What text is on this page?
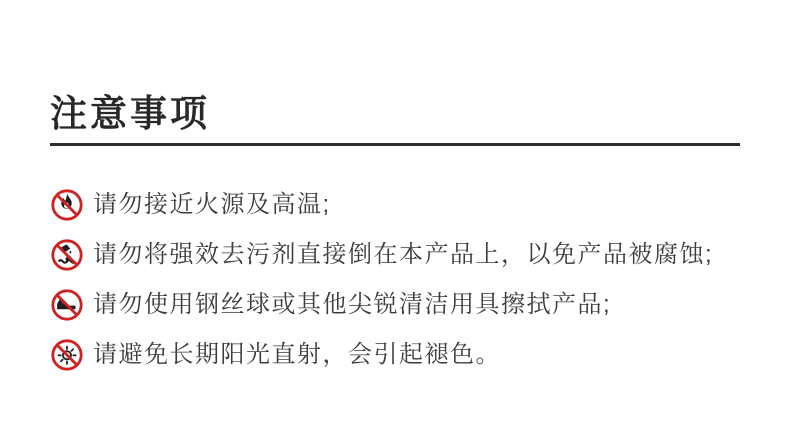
注意事项
请勿接近火源及高温;
请勿将强效去污剂直接倒在本产品上，以免产品被腐蚀;
请勿使用钢丝球或其他尖锐清洁用具擦拭产品;
请避免长期阳光直射，会引起褪色。
